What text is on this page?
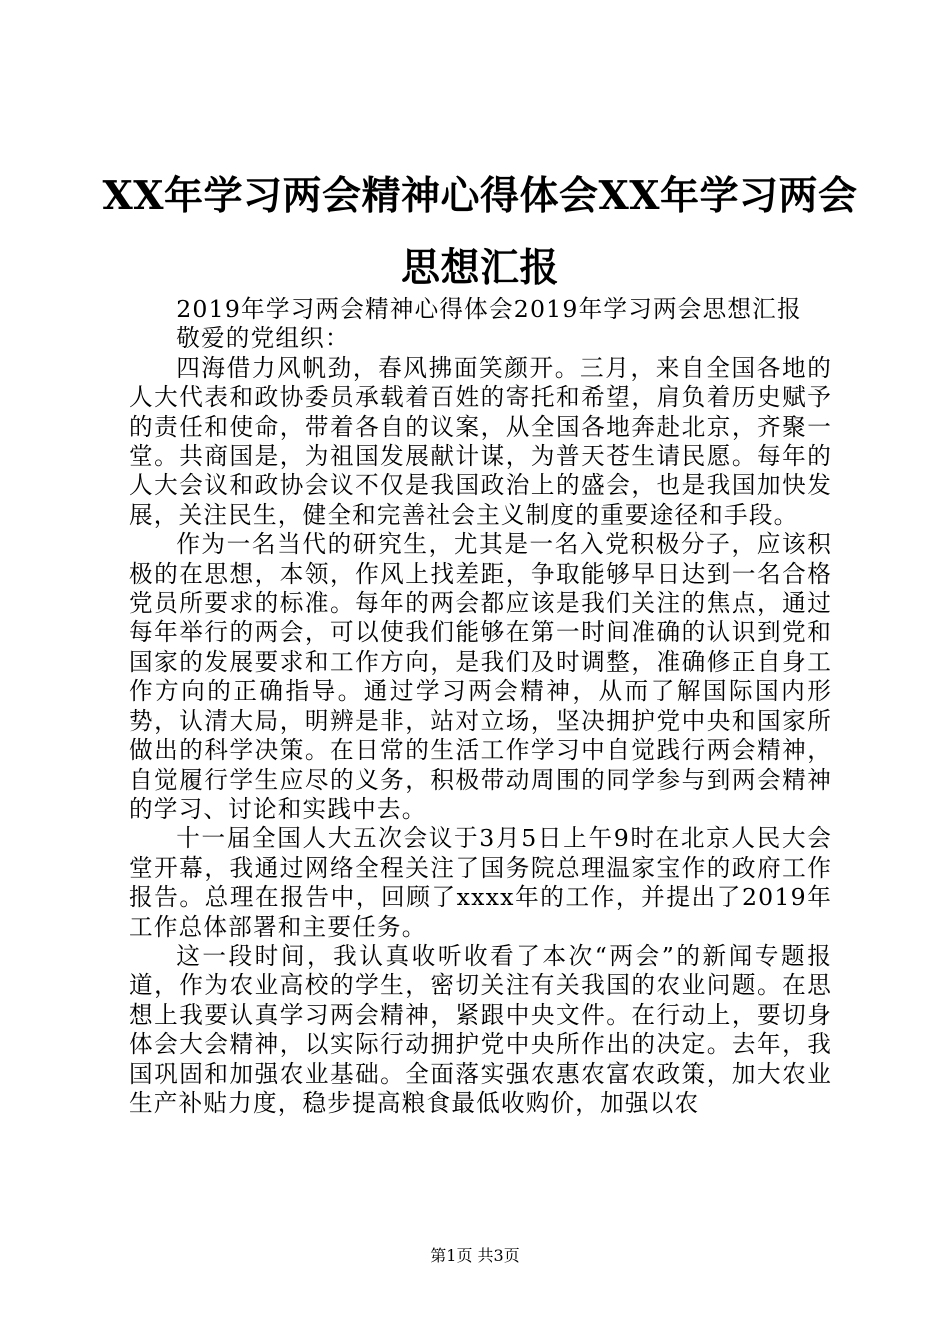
XX年学习两会精神心得体会XX年学习两会思想汇报

2019年学习两会精神心得体会2019年学习两会思想汇报

敬爱的党组织：

四海借力风帆劲，春风拂面笑颜开。三月，来自全国各地的人大代表和政协委员承载着百姓的寄托和希望，肩负着历史赋予的责任和使命，带着各自的议案，从全国各地奔赴北京，齐聚一堂。共商国是，为祖国发展献计谋，为普天苍生请民愿。每年的人大会议和政协会议不仅是我国政治上的盛会，也是我国加快发展，关注民生，健全和完善社会主义制度的重要途径和手段。

作为一名当代的研究生，尤其是一名入党积极分子，应该积极的在思想，本领，作风上找差距，争取能够早日达到一名合格党员所要求的标准。每年的两会都应该是我们关注的焦点，通过每年举行的两会，可以使我们能够在第一时间准确的认识到党和国家的发展要求和工作方向，是我们及时调整，准确修正自身工作方向的正确指导。通过学习两会精神，从而了解国际国内形势，认清大局，明辨是非，站对立场，坚决拥护党中央和国家所做出的科学决策。在日常的生活工作学习中自觉践行两会精神，自觉履行学生应尽的义务，积极带动周围的同学参与到两会精神的学习、讨论和实践中去。

十一届全国人大五次会议于3月5日上午9时在北京人民大会堂开幕，我通过网络全程关注了国务院总理温家宝作的政府工作报告。总理在报告中，回顾了xxxx年的工作，并提出了2019年工作总体部署和主要任务。

这一段时间，我认真收听收看了本次“两会”的新闻专题报道，作为农业高校的学生，密切关注有关我国的农业问题。在思想上我要认真学习两会精神，紧跟中央文件。在行动上，要切身体会大会精神，以实际行动拥护党中央所作出的决定。去年，我国巩固和加强农业基础。全面落实强农惠农富农政策，加大农业生产补贴力度，稳步提高粮食最低收购价，加强以农

第1页 共3页
